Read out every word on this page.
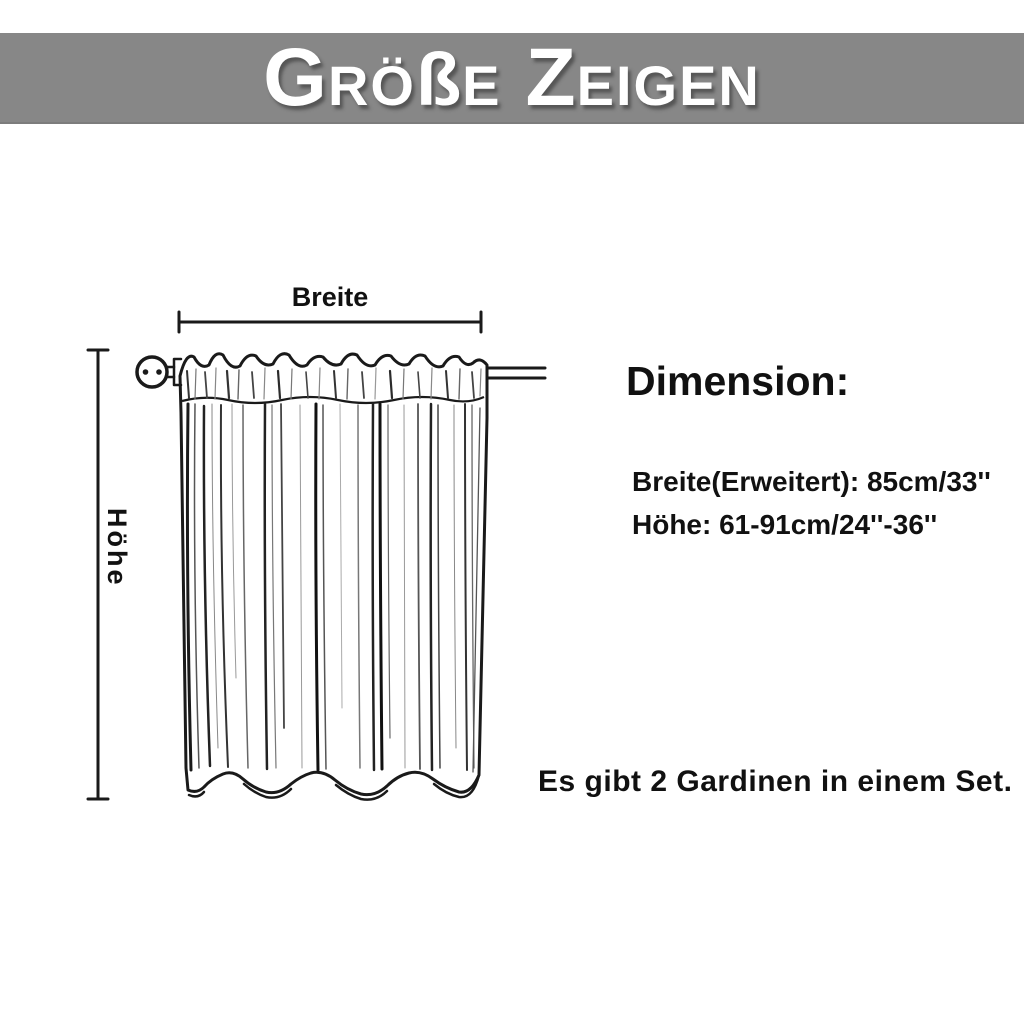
G RÖ ß E Z EIGEN
Breite
Höhe
Dimension:
Breite(Erweitert): 85cm/33''
Höhe: 61-91cm/24''-36''
Es gibt 2 Gardinen in einem Set.
